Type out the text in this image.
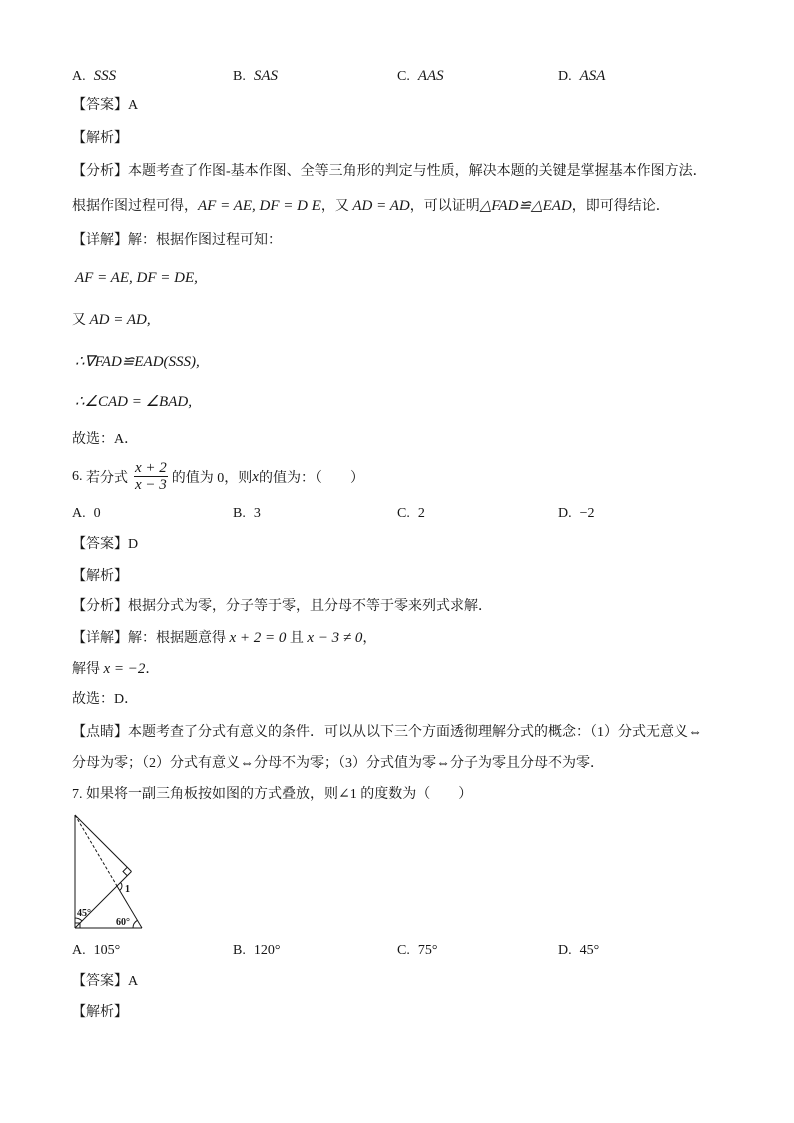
A. SSS	B. SAS	C. AAS	D. ASA
【答案】A
【解析】
【分析】本题考查了作图-基本作图、全等三角形的判定与性质，解决本题的关键是掌握基本作图方法．
根据作图过程可得，AF = AE, DF = D E，又 AD = AD，可以证明△FAD≌△EAD，即可得结论．
【详解】解：根据作图过程可知：
AF = AE, DF = DE,
又 AD = AD,
∴∇FAD≌EAD(SSS),
∴∠CAD = ∠BAD,
故选：A．
6.
若分式 $\frac{x + 2}{x - 3}$ 的值为 0，则 x 的值为：（　　）
A. 0	B. 3	C. 2	D. −2
【答案】D
【解析】
【分析】根据分式为零，分子等于零，且分母不等于零来列式求解．
【详解】解：根据题意得 x + 2 = 0 且 x − 3 ≠ 0，
解得 x = −2．
故选：D．
【点睛】本题考查了分式有意义的条件．可以从以下三个方面透彻理解分式的概念：（1）分式无意义⇔
分母为零；（2）分式有意义⇔分母不为零；（3）分式值为零⇔分子为零且分母不为零．
7. 如果将一副三角板按如图的方式叠放，则∠1 的度数为（　　）
45°
60°
1
A. 105°	B. 120°	C. 75°	D. 45°
【答案】A
【解析】
